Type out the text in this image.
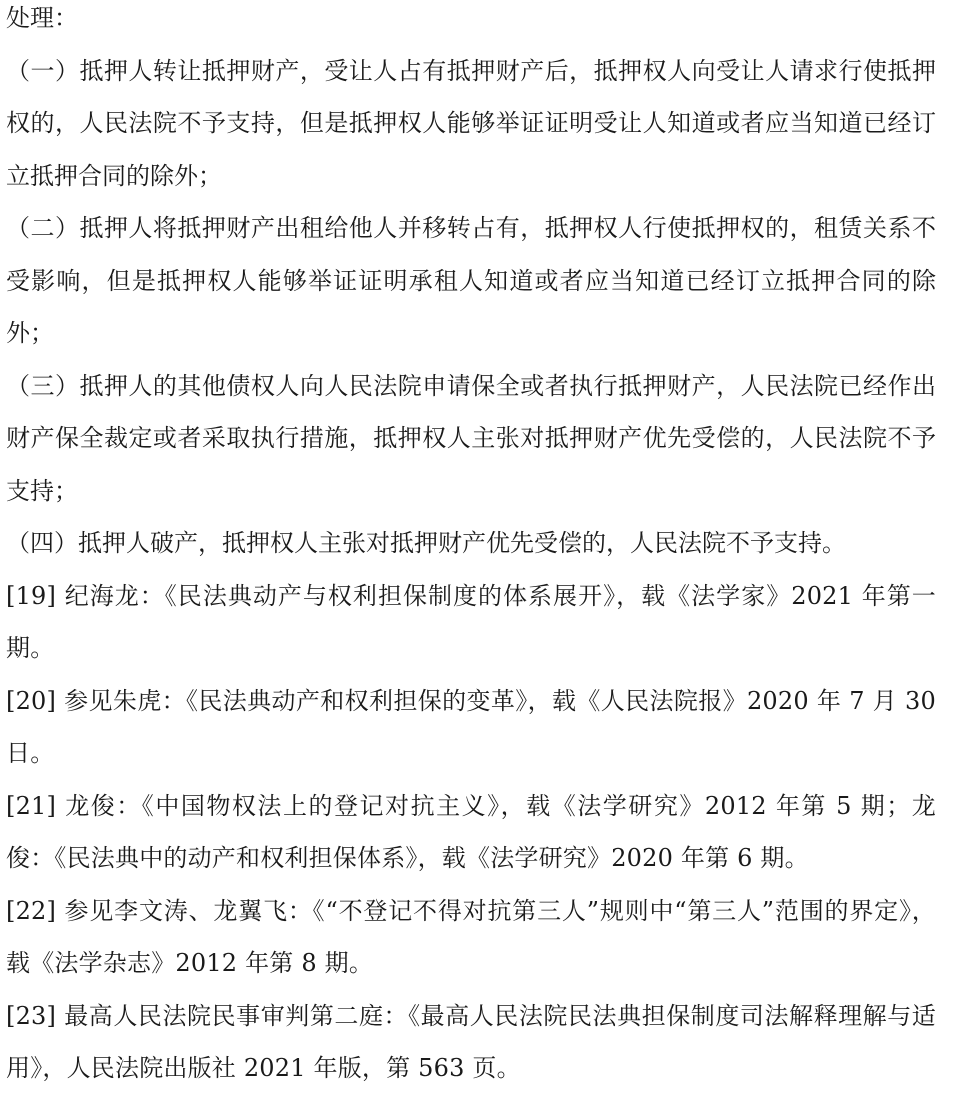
处理：

（一）抵押人转让抵押财产，受让人占有抵押财产后，抵押权人向受让人请求行使抵押权的，人民法院不予支持，但是抵押权人能够举证证明受让人知道或者应当知道已经订立抵押合同的除外；

（二）抵押人将抵押财产出租给他人并移转占有，抵押权人行使抵押权的，租赁关系不受影响，但是抵押权人能够举证证明承租人知道或者应当知道已经订立抵押合同的除外；

（三）抵押人的其他债权人向人民法院申请保全或者执行抵押财产，人民法院已经作出财产保全裁定或者采取执行措施，抵押权人主张对抵押财产优先受偿的，人民法院不予支持；

（四）抵押人破产，抵押权人主张对抵押财产优先受偿的，人民法院不予支持。

[19] 纪海龙：《民法典动产与权利担保制度的体系展开》，载《法学家》2021 年第一期。

[20] 参见朱虎：《民法典动产和权利担保的变革》，载《人民法院报》2020 年 7 月 30 日。

[21] 龙俊：《中国物权法上的登记对抗主义》，载《法学研究》2012 年第 5 期；龙俊：《民法典中的动产和权利担保体系》，载《法学研究》2020 年第 6 期。

[22] 参见李文涛、龙翼飞：《“不登记不得对抗第三人”规则中“第三人”范围的界定》，载《法学杂志》2012 年第 8 期。

[23] 最高人民法院民事审判第二庭：《最高人民法院民法典担保制度司法解释理解与适用》，人民法院出版社 2021 年版，第 563 页。
